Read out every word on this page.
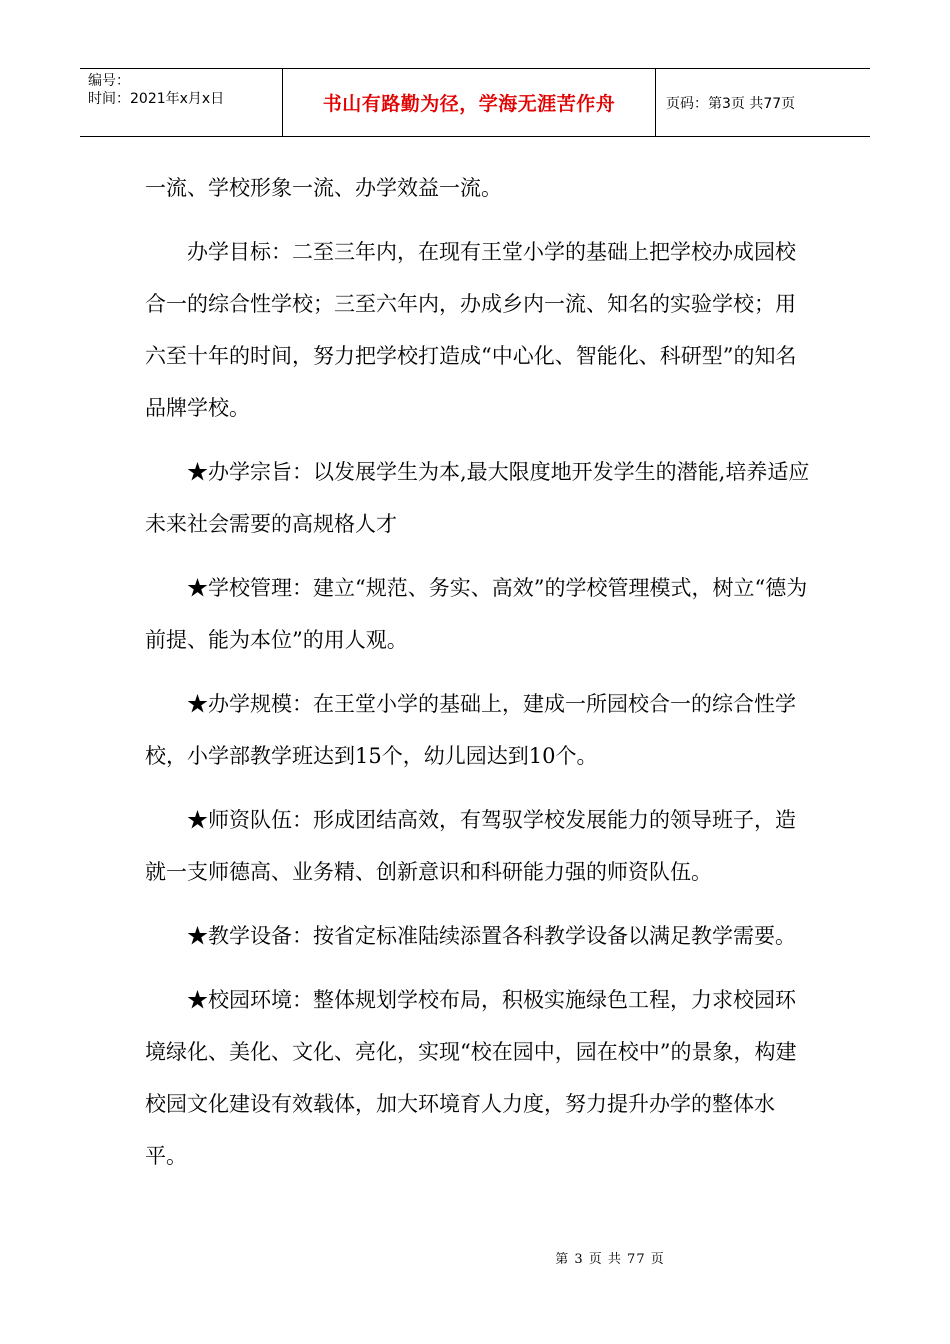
编号：
时间：2021年x月x日	书山有路勤为径，学海无涯苦作舟	页码：第3页 共77页

一流、学校形象一流、办学效益一流。

办学目标：二至三年内，在现有王堂小学的基础上把学校办成园校合一的综合性学校；三至六年内，办成乡内一流、知名的实验学校；用六至十年的时间，努力把学校打造成“中心化、智能化、科研型”的知名品牌学校。

★办学宗旨：以发展学生为本,最大限度地开发学生的潜能,培养适应未来社会需要的高规格人才

★学校管理：建立“规范、务实、高效”的学校管理模式，树立“德为前提、能为本位”的用人观。

★办学规模：在王堂小学的基础上，建成一所园校合一的综合性学校，小学部教学班达到15个，幼儿园达到10个。

★师资队伍：形成团结高效，有驾驭学校发展能力的领导班子，造就一支师德高、业务精、创新意识和科研能力强的师资队伍。

★教学设备：按省定标准陆续添置各科教学设备以满足教学需要。

★校园环境：整体规划学校布局，积极实施绿色工程，力求校园环境绿化、美化、文化、亮化，实现“校在园中，园在校中”的景象，构建校园文化建设有效载体，加大环境育人力度，努力提升办学的整体水平。

第 3 页 共 77 页
